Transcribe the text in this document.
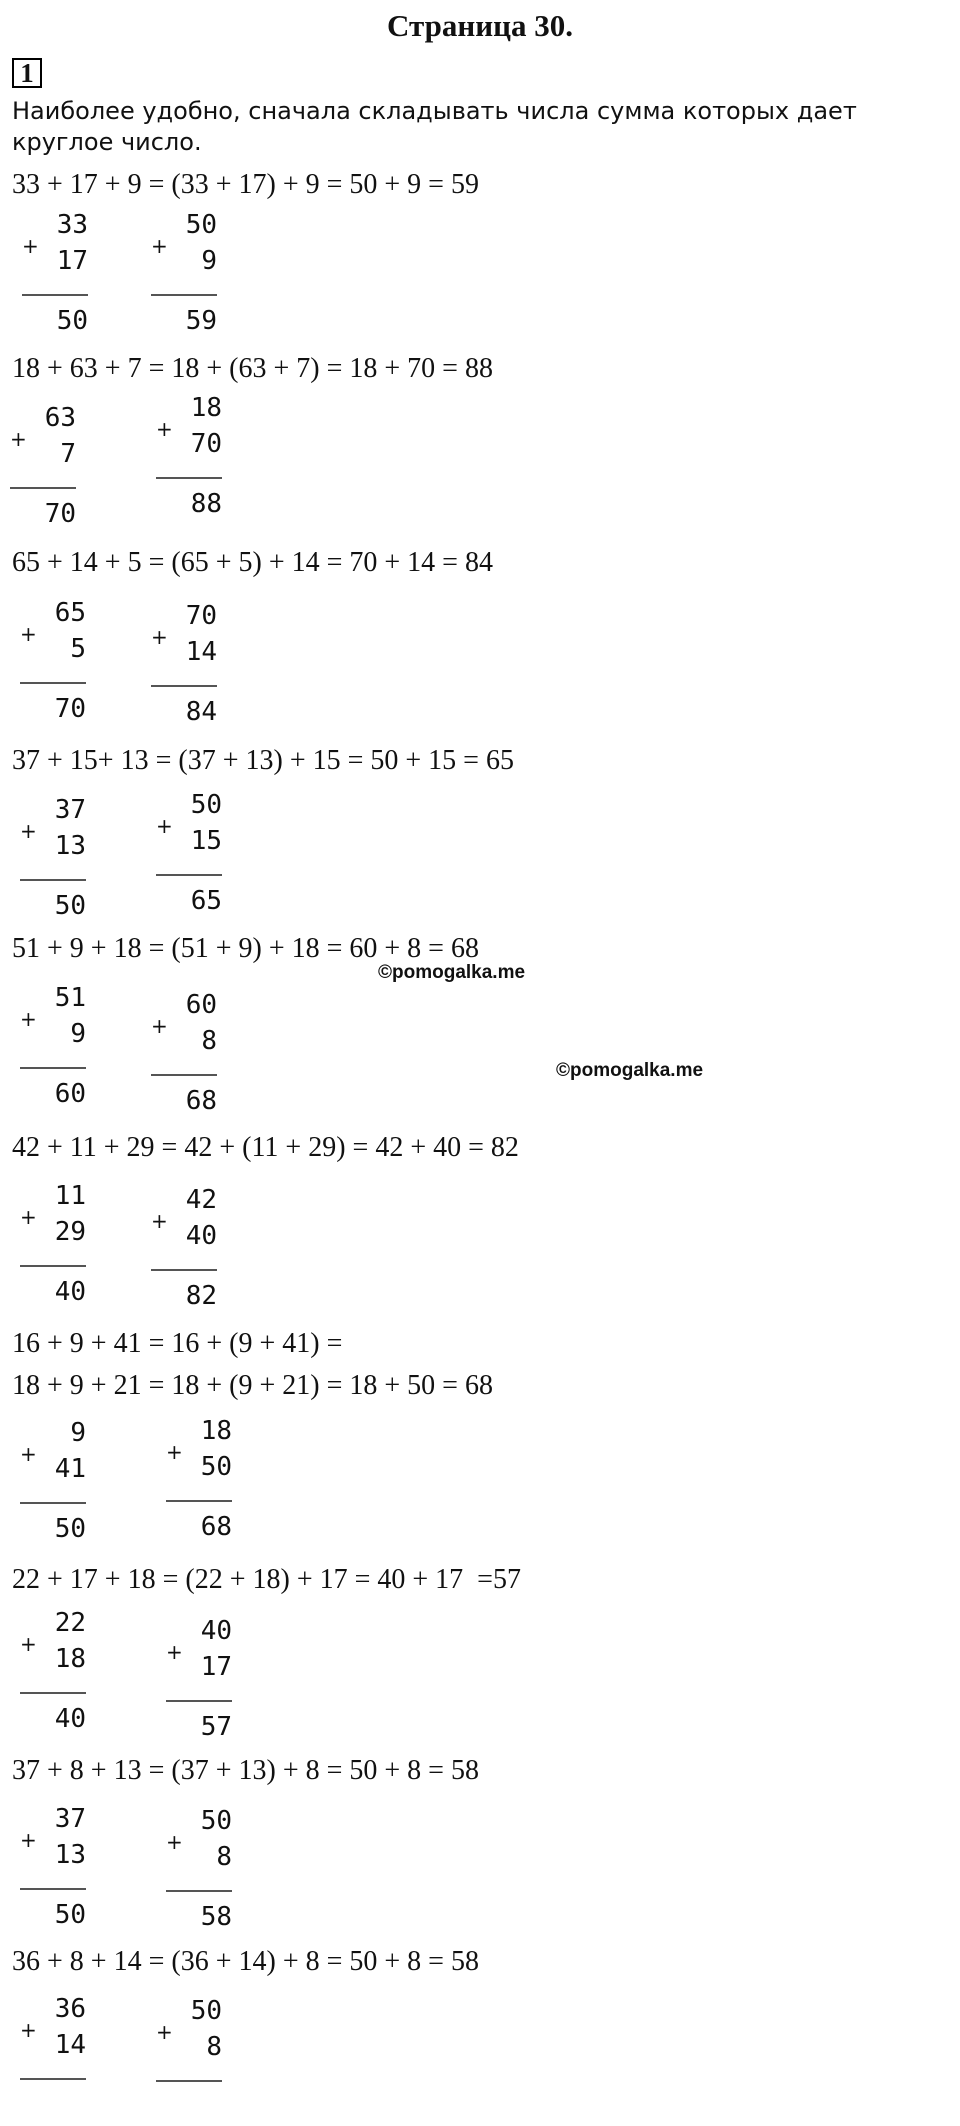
Страница 30.
1

Наиболее удобно, сначала складывать числа сумма которых дает круглое число.

33 + 17 + 9 = (33 + 17) + 9 = 50 + 9 = 59
+
33
17
50
+
50
9
59
18 + 63 + 7 = 18 + (63 + 7) = 18 + 70 = 88
+
63
7
70
+
18
70
88
65 + 14 + 5 = (65 + 5) + 14 = 70 + 14 = 84
+
65
5
70
+
70
14
84
37 + 15+ 13 = (37 + 13) + 15 = 50 + 15 = 65
+
37
13
50
+
50
15
65
51 + 9 + 18 = (51 + 9) + 18 = 60 + 8 = 68
+
51
9
60
+
60
8
68
42 + 11 + 29 = 42 + (11 + 29) = 42 + 40 = 82
+
11
29
40
+
42
40
82
16 + 9 + 41 = 16 + (9 + 41) =
18 + 9 + 21 = 18 + (9 + 21) = 18 + 50 = 68
+
9
41
50
+
18
50
68
22 + 17 + 18 = (22 + 18) + 17 = 40 + 17  =57
+
22
18
40
+
40
17
57
37 + 8 + 13 = (37 + 13) + 8 = 50 + 8 = 58
+
37
13
50
+
50
8
58
36 + 8 + 14 = (36 + 14) + 8 = 50 + 8 = 58
+
36
14	+
50
8
©pomogalka.me
©pomogalka.me
